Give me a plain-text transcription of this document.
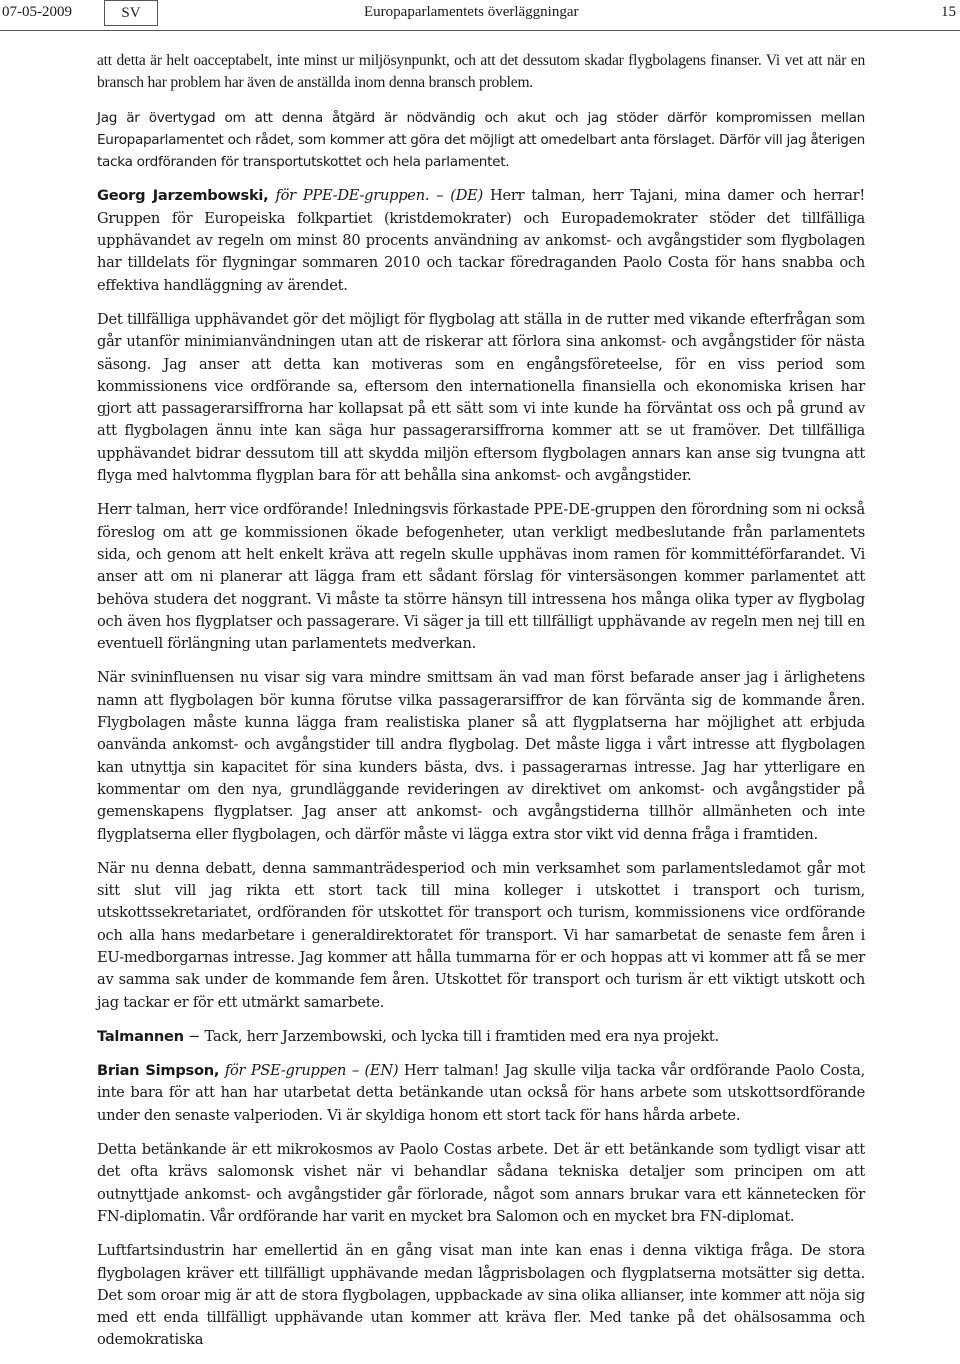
07-05-2009	SV	Europaparlamentets överläggningar	15

att detta är helt oacceptabelt, inte minst ur miljösynpunkt, och att det dessutom skadar flygbolagens finanser. Vi vet att när en bransch har problem har även de anställda inom denna bransch problem.

Jag är övertygad om att denna åtgärd är nödvändig och akut och jag stöder därför kompromissen mellan Europaparlamentet och rådet, som kommer att göra det möjligt att omedelbart anta förslaget. Därför vill jag återigen tacka ordföranden för transportutskottet och hela parlamentet.

Georg Jarzembowski, för PPE-DE-gruppen. – (DE) Herr talman, herr Tajani, mina damer och herrar! Gruppen för Europeiska folkpartiet (kristdemokrater) och Europademokrater stöder det tillfälliga upphävandet av regeln om minst 80 procents användning av ankomst- och avgångstider som flygbolagen har tilldelats för flygningar sommaren 2010 och tackar föredraganden Paolo Costa för hans snabba och effektiva handläggning av ärendet.

Det tillfälliga upphävandet gör det möjligt för flygbolag att ställa in de rutter med vikande efterfrågan som går utanför minimianvändningen utan att de riskerar att förlora sina ankomst- och avgångstider för nästa säsong. Jag anser att detta kan motiveras som en engångsföreteelse, för en viss period som kommissionens vice ordförande sa, eftersom den internationella finansiella och ekonomiska krisen har gjort att passagerarsiffrorna har kollapsat på ett sätt som vi inte kunde ha förväntat oss och på grund av att flygbolagen ännu inte kan säga hur passagerarsiffrorna kommer att se ut framöver. Det tillfälliga upphävandet bidrar dessutom till att skydda miljön eftersom flygbolagen annars kan anse sig tvungna att flyga med halvtomma flygplan bara för att behålla sina ankomst- och avgångstider.

Herr talman, herr vice ordförande! Inledningsvis förkastade PPE-DE-gruppen den förordning som ni också föreslog om att ge kommissionen ökade befogenheter, utan verkligt medbeslutande från parlamentets sida, och genom att helt enkelt kräva att regeln skulle upphävas inom ramen för kommittéförfarandet. Vi anser att om ni planerar att lägga fram ett sådant förslag för vintersäsongen kommer parlamentet att behöva studera det noggrant. Vi måste ta större hänsyn till intressena hos många olika typer av flygbolag och även hos flygplatser och passagerare. Vi säger ja till ett tillfälligt upphävande av regeln men nej till en eventuell förlängning utan parlamentets medverkan.

När svininfluensen nu visar sig vara mindre smittsam än vad man först befarade anser jag i ärlighetens namn att flygbolagen bör kunna förutse vilka passagerarsiffror de kan förvänta sig de kommande åren. Flygbolagen måste kunna lägga fram realistiska planer så att flygplatserna har möjlighet att erbjuda oanvända ankomst- och avgångstider till andra flygbolag. Det måste ligga i vårt intresse att flygbolagen kan utnyttja sin kapacitet för sina kunders bästa, dvs. i passagerarnas intresse. Jag har ytterligare en kommentar om den nya, grundläggande revideringen av direktivet om ankomst- och avgångstider på gemenskapens flygplatser. Jag anser att ankomst- och avgångstiderna tillhör allmänheten och inte flygplatserna eller flygbolagen, och därför måste vi lägga extra stor vikt vid denna fråga i framtiden.

När nu denna debatt, denna sammanträdesperiod och min verksamhet som parlamentsledamot går mot sitt slut vill jag rikta ett stort tack till mina kolleger i utskottet i transport och turism, utskottssekretariatet, ordföranden för utskottet för transport och turism, kommissionens vice ordförande och alla hans medarbetare i generaldirektoratet för transport. Vi har samarbetat de senaste fem åren i EU-medborgarnas intresse. Jag kommer att hålla tummarna för er och hoppas att vi kommer att få se mer av samma sak under de kommande fem åren. Utskottet för transport och turism är ett viktigt utskott och jag tackar er för ett utmärkt samarbete.

Talmannen − Tack, herr Jarzembowski, och lycka till i framtiden med era nya projekt.

Brian Simpson, för PSE-gruppen – (EN) Herr talman! Jag skulle vilja tacka vår ordförande Paolo Costa, inte bara för att han har utarbetat detta betänkande utan också för hans arbete som utskottsordförande under den senaste valperioden. Vi är skyldiga honom ett stort tack för hans hårda arbete.

Detta betänkande är ett mikrokosmos av Paolo Costas arbete. Det är ett betänkande som tydligt visar att det ofta krävs salomonsk vishet när vi behandlar sådana tekniska detaljer som principen om att outnyttjade ankomst- och avgångstider går förlorade, något som annars brukar vara ett kännetecken för FN-diplomatin. Vår ordförande har varit en mycket bra Salomon och en mycket bra FN-diplomat.

Luftfartsindustrin har emellertid än en gång visat man inte kan enas i denna viktiga fråga. De stora flygbolagen kräver ett tillfälligt upphävande medan lågprisbolagen och flygplatserna motsätter sig detta. Det som oroar mig är att de stora flygbolagen, uppbackade av sina olika allianser, inte kommer att nöja sig med ett enda tillfälligt upphävande utan kommer att kräva fler. Med tanke på det ohälsosamma och odemokratiska
